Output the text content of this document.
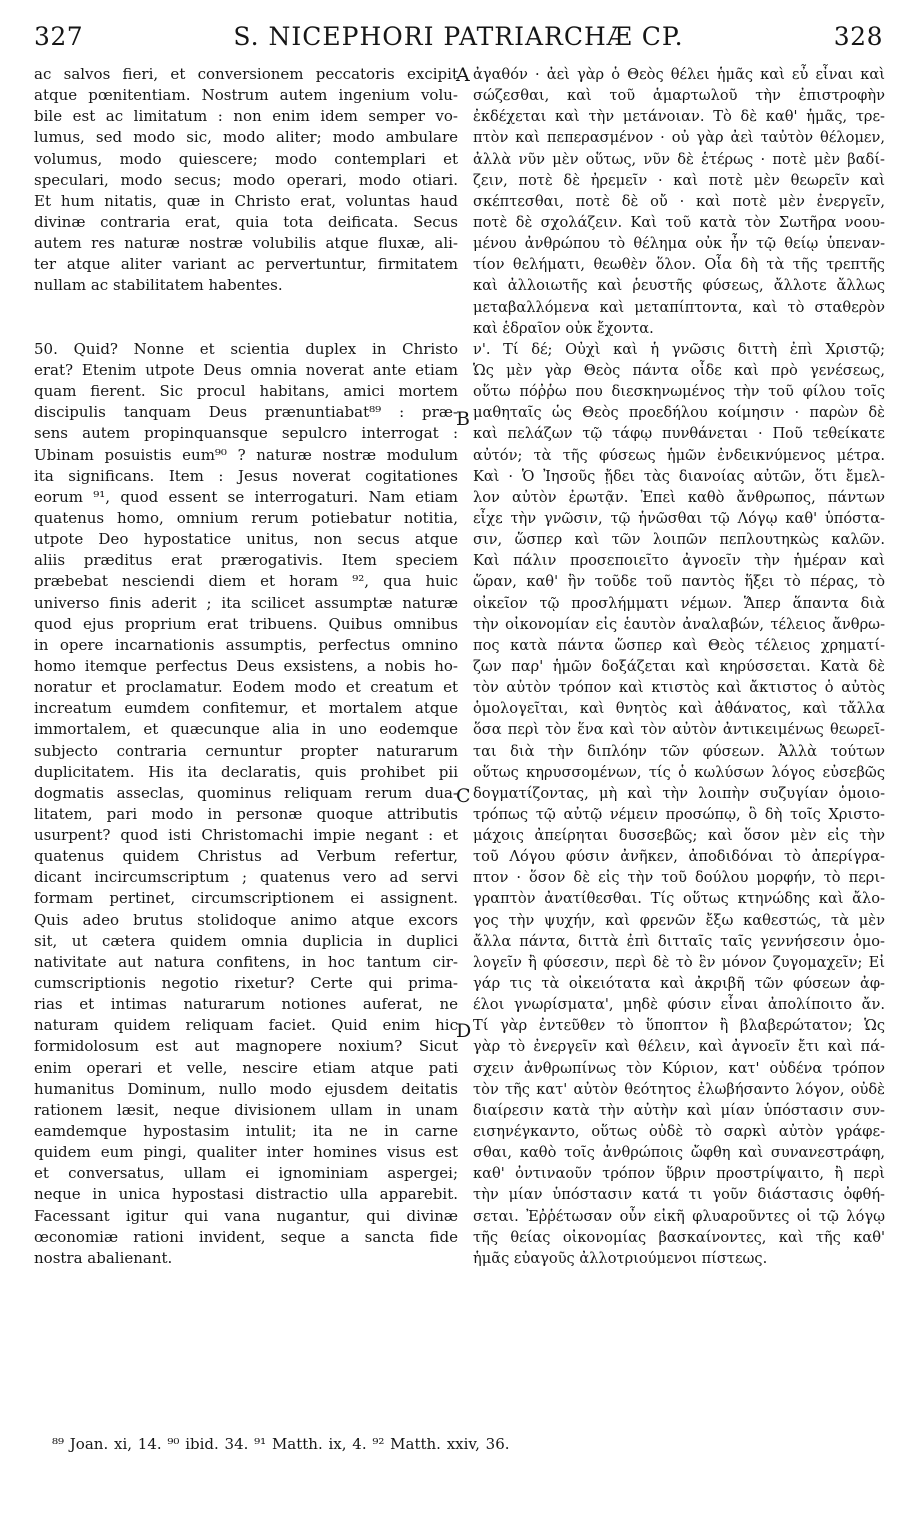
327	S. NICEPHORI PATRIARCHÆ CP.	328
ac salvos fieri, et conversionem peccatoris excipit
atque pœnitentiam. Nostrum autem ingenium volu-
bile est ac limitatum : non enim idem semper vo-
lumus, sed modo sic, modo aliter; modo ambulare
volumus, modo quiescere; modo contemplari et
speculari, modo secus; modo operari, modo otiari.
Et hum nitatis, quæ in Christo erat, voluntas haud
divinæ contraria erat, quia tota deificata. Secus
autem res naturæ nostræ volubilis atque fluxæ, ali-
ter atque aliter variant ac pervertuntur, firmitatem
nullam ac stabilitatem habentes.
50. Quid? Nonne et scientia duplex in Christo
erat? Etenim utpote Deus omnia noverat ante etiam
quam fierent. Sic procul habitans, amici mortem
discipulis tanquam Deus prænuntiabat⁸⁹ : præ-
sens autem propinquansque sepulcro interrogat :
Ubinam posuistis eum⁹⁰ ? naturæ nostræ modulum
ita significans. Item : Jesus noverat cogitationes
eorum ⁹¹, quod essent se interrogaturi. Nam etiam
quatenus homo, omnium rerum potiebatur notitia,
utpote Deo hypostatice unitus, non secus atque
aliis præditus erat prærogativis. Item speciem
præbebat nesciendi diem et horam ⁹², qua huic
universo finis aderit ; ita scilicet assumptæ naturæ
quod ejus proprium erat tribuens. Quibus omnibus
in opere incarnationis assumptis, perfectus omnino
homo itemque perfectus Deus exsistens, a nobis ho-
noratur et proclamatur. Eodem modo et creatum et
increatum eumdem confitemur, et mortalem atque
immortalem, et quæcunque alia in uno eodemque
subjecto contraria cernuntur propter naturarum
duplicitatem. His ita declaratis, quis prohibet pii
dogmatis asseclas, quominus reliquam rerum dua-
litatem, pari modo in personæ quoque attributis
usurpent? quod isti Christomachi impie negant : et
quatenus quidem Christus ad Verbum refertur,
dicant incircumscriptum ; quatenus vero ad servi
formam pertinet, circumscriptionem ei assignent.
Quis adeo brutus stolidoque animo atque excors
sit, ut cætera quidem omnia duplicia in duplici
nativitate aut natura confitens, in hoc tantum cir-
cumscriptionis negotio rixetur? Certe qui prima-
rias et intimas naturarum notiones auferat, ne
naturam quidem reliquam faciet. Quid enim hic
formidolosum est aut magnopere noxium? Sicut
enim operari et velle, nescire etiam atque pati
humanitus Dominum, nullo modo ejusdem deitatis
rationem læsit, neque divisionem ullam in unam
eamdemque hypostasim intulit; ita ne in carne
quidem eum pingi, qualiter inter homines visus est
et conversatus, ullam ei ignominiam aspergei;
neque in unica hypostasi distractio ulla apparebit.
Facessant igitur qui vana nugantur, qui divinæ
œconomiæ rationi invident, seque a sancta fide
nostra abalienant.
ἀγαθόν · ἀεὶ γὰρ ὁ Θεὸς θέλει ἡμᾶς καὶ εὖ εἶναι καὶ
σώζεσθαι, καὶ τοῦ ἁμαρτωλοῦ τὴν ἐπιστροφὴν
ἐκδέχεται καὶ τὴν μετάνοιαν. Τὸ δὲ καθ' ἡμᾶς, τρε-
πτὸν καὶ πεπερασμένον · οὐ γὰρ ἀεὶ ταὐτὸν θέλομεν,
ἀλλὰ νῦν μὲν οὕτως, νῦν δὲ ἑτέρως · ποτὲ μὲν βαδί-
ζειν, ποτὲ δὲ ἠρεμεῖν · καὶ ποτὲ μὲν θεωρεῖν καὶ
σκέπτεσθαι, ποτὲ δὲ οὔ · καὶ ποτὲ μὲν ἐνεργεῖν,
ποτὲ δὲ σχολάζειν. Καὶ τοῦ κατὰ τὸν Σωτῆρα νοου-
μένου ἀνθρώπου τὸ θέλημα οὐκ ἦν τῷ θείῳ ὑπεναν-
τίον θελήματι, θεωθὲν ὅλον. Οἷα δὴ τὰ τῆς τρεπτῆς
καὶ ἀλλοιωτῆς καὶ ῥευστῆς φύσεως, ἄλλοτε ἄλλως
μεταβαλλόμενα καὶ μεταπίπτοντα, καὶ τὸ σταθερὸν
καὶ ἑδραῖον οὐκ ἔχοντα.
ν'. Τί δέ; Οὐχὶ καὶ ἡ γνῶσις διττὴ ἐπὶ Χριστῷ;
Ὡς μὲν γὰρ Θεὸς πάντα οἶδε καὶ πρὸ γενέσεως,
οὕτω πόῤῥω που διεσκηνωμένος τὴν τοῦ φίλου τοῖς
μαθηταῖς ὡς Θεὸς προεδήλου κοίμησιν · παρὼν δὲ
καὶ πελάζων τῷ τάφῳ πυνθάνεται · Ποῦ τεθείκατε
αὐτόν; τὰ τῆς φύσεως ἡμῶν ἐνδεικνύμενος μέτρα.
Καὶ · Ὁ Ἰησοῦς ᾔδει τὰς διανοίας αὐτῶν, ὅτι ἔμελ-
λον αὐτὸν ἐρωτᾷν. Ἐπεὶ καθὸ ἄνθρωπος, πάντων
εἶχε τὴν γνῶσιν, τῷ ἡνῶσθαι τῷ Λόγῳ καθ' ὑπόστα-
σιν, ὥσπερ καὶ τῶν λοιπῶν πεπλουτηκὼς καλῶν.
Καὶ πάλιν προσεποιεῖτο ἀγνοεῖν τὴν ἡμέραν καὶ
ὥραν, καθ' ἣν τοῦδε τοῦ παντὸς ἥξει τὸ πέρας, τὸ
οἰκεῖον τῷ προσλήμματι νέμων. Ἅπερ ἅπαντα διὰ
τὴν οἰκονομίαν εἰς ἑαυτὸν ἀναλαβών, τέλειος ἄνθρω-
πος κατὰ πάντα ὥσπερ καὶ Θεὸς τέλειος χρηματί-
ζων παρ' ἡμῶν δοξάζεται καὶ κηρύσσεται. Κατὰ δὲ
τὸν αὐτὸν τρόπον καὶ κτιστὸς καὶ ἄκτιστος ὁ αὐτὸς
ὁμολογεῖται, καὶ θνητὸς καὶ ἀθάνατος, καὶ τἄλλα
ὅσα περὶ τὸν ἕνα καὶ τὸν αὐτὸν ἀντικειμένως θεωρεῖ-
ται διὰ τὴν διπλόην τῶν φύσεων. Ἀλλὰ τούτων
οὕτως κηρυσσομένων, τίς ὁ κωλύσων λόγος εὐσεβῶς
δογματίζοντας, μὴ καὶ τὴν λοιπὴν συζυγίαν ὁμοιο-
τρόπως τῷ αὐτῷ νέμειν προσώπῳ, ὃ δὴ τοῖς Χριστο-
μάχοις ἀπείρηται δυσσεβῶς; καὶ ὅσον μὲν εἰς τὴν
τοῦ Λόγου φύσιν ἀνῆκεν, ἀποδιδόναι τὸ ἀπερίγρα-
πτον · ὅσον δὲ εἰς τὴν τοῦ δούλου μορφήν, τὸ περι-
γραπτὸν ἀνατίθεσθαι. Τίς οὕτως κτηνώδης καὶ ἄλο-
γος τὴν ψυχήν, καὶ φρενῶν ἔξω καθεστώς, τὰ μὲν
ἄλλα πάντα, διττὰ ἐπὶ διτταῖς ταῖς γεννήσεσιν ὁμο-
λογεῖν ἢ φύσεσιν, περὶ δὲ τὸ ἓν μόνον ζυγομαχεῖν; Εἰ
γάρ τις τὰ οἰκειότατα καὶ ἀκριβῆ τῶν φύσεων ἀφ-
έλοι γνωρίσματα', μηδὲ φύσιν εἶναι ἀπολίποιτο ἄν.
Τί γὰρ ἐντεῦθεν τὸ ὕποπτον ἢ βλαβερώτατον; Ὡς
γὰρ τὸ ἐνεργεῖν καὶ θέλειν, καὶ ἀγνοεῖν ἔτι καὶ πά-
σχειν ἀνθρωπίνως τὸν Κύριον, κατ' οὐδένα τρόπον
τὸν τῆς κατ' αὐτὸν θεότητος ἐλωβήσαντο λόγον, οὐδὲ
διαίρεσιν κατὰ τὴν αὐτὴν καὶ μίαν ὑπόστασιν συν-
εισηνέγκαντο, οὕτως οὐδὲ τὸ σαρκὶ αὐτὸν γράφε-
σθαι, καθὸ τοῖς ἀνθρώποις ὤφθη καὶ συνανεστράφη,
καθ' ὀντιναοῦν τρόπον ὕβριν προστρίψαιτο, ἢ περὶ
τὴν μίαν ὑπόστασιν κατά τι γοῦν διάστασις ὀφθή-
σεται. Ἐῤῥέτωσαν οὖν εἰκῆ φλυαροῦντες οἱ τῷ λόγῳ
τῆς θείας οἰκονομίας βασκαίνοντες, καὶ τῆς καθ'
ἡμᾶς εὐαγοῦς ἀλλοτριούμενοι πίστεως.
A
B
C
D
⁸⁹ Joan. xi, 14. ⁹⁰ ibid. 34. ⁹¹ Matth. ix, 4. ⁹² Matth. xxiv, 36.
